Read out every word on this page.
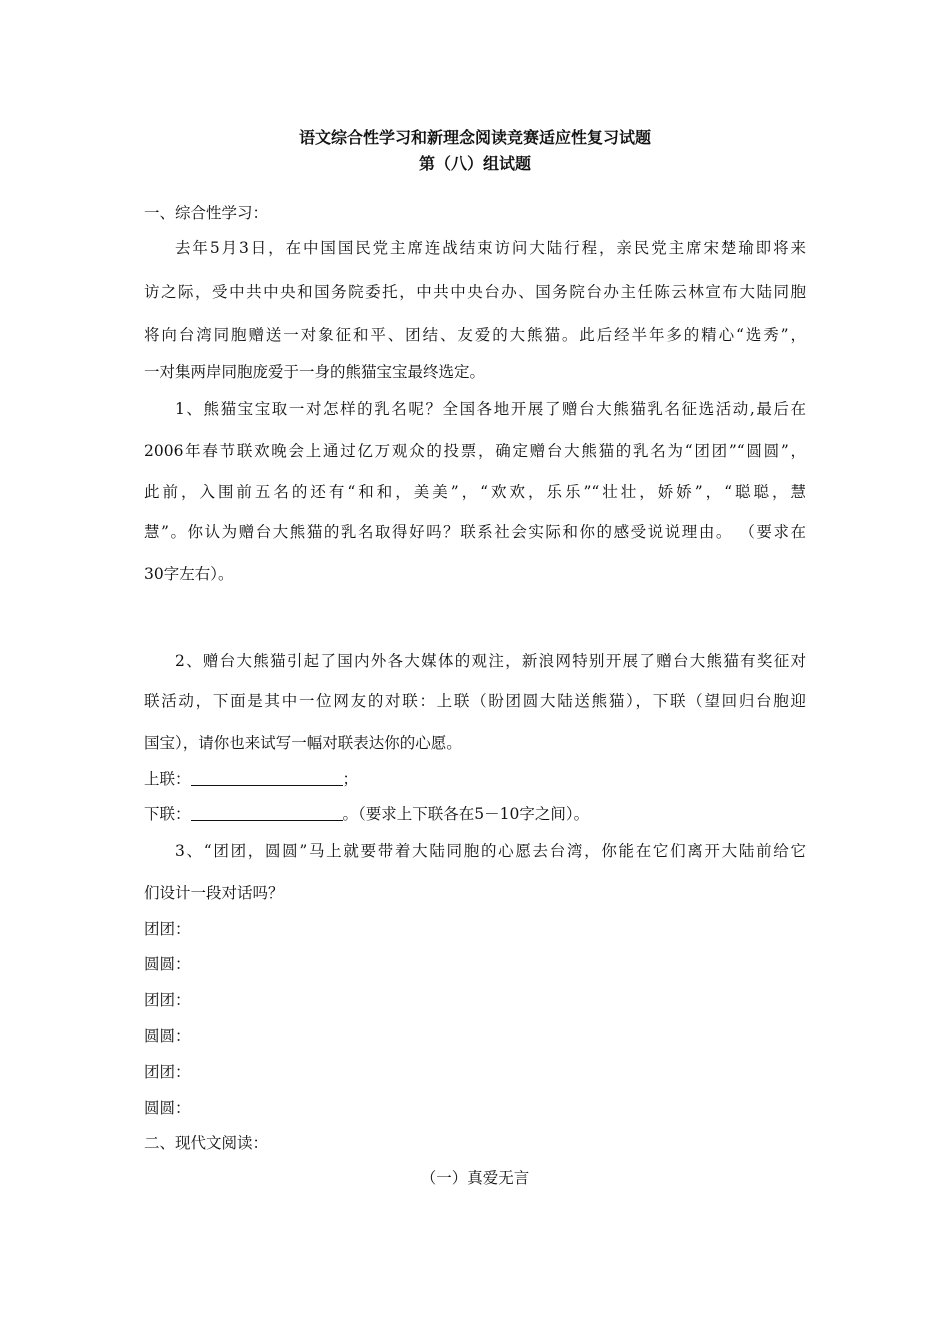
语文综合性学习和新理念阅读竞赛适应性复习试题
第（八）组试题
一、综合性学习：
去年5月3日，在中国国民党主席连战结束访问大陆行程，亲民党主席宋楚瑜即将来
访之际，受中共中央和国务院委托，中共中央台办、国务院台办主任陈云林宣布大陆同胞
将向台湾同胞赠送一对象征和平、团结、友爱的大熊猫。此后经半年多的精心“选秀”，
一对集两岸同胞庞爱于一身的熊猫宝宝最终选定。
1、熊猫宝宝取一对怎样的乳名呢？全国各地开展了赠台大熊猫乳名征选活动,最后在
2006年春节联欢晚会上通过亿万观众的投票，确定赠台大熊猫的乳名为“团团”“圆圆”，
此前，入围前五名的还有“和和，美美”，“欢欢，乐乐”“壮壮，娇娇”，“聪聪，慧
慧”。你认为赠台大熊猫的乳名取得好吗？联系社会实际和你的感受说说理由。 （要求在
30字左右）。
2、赠台大熊猫引起了国内外各大媒体的观注，新浪网特别开展了赠台大熊猫有奖征对
联活动，下面是其中一位网友的对联：上联（盼团圆大陆送熊猫），下联（望回归台胞迎
国宝），请你也来试写一幅对联表达你的心愿。
上联：	；
下联：	。（要求上下联各在5－10字之间）。
3、“团团，圆圆”马上就要带着大陆同胞的心愿去台湾，你能在它们离开大陆前给它
们设计一段对话吗？
团团：
圆圆：
团团：
圆圆：
团团：
圆圆：
二、现代文阅读：
（一）真爱无言
